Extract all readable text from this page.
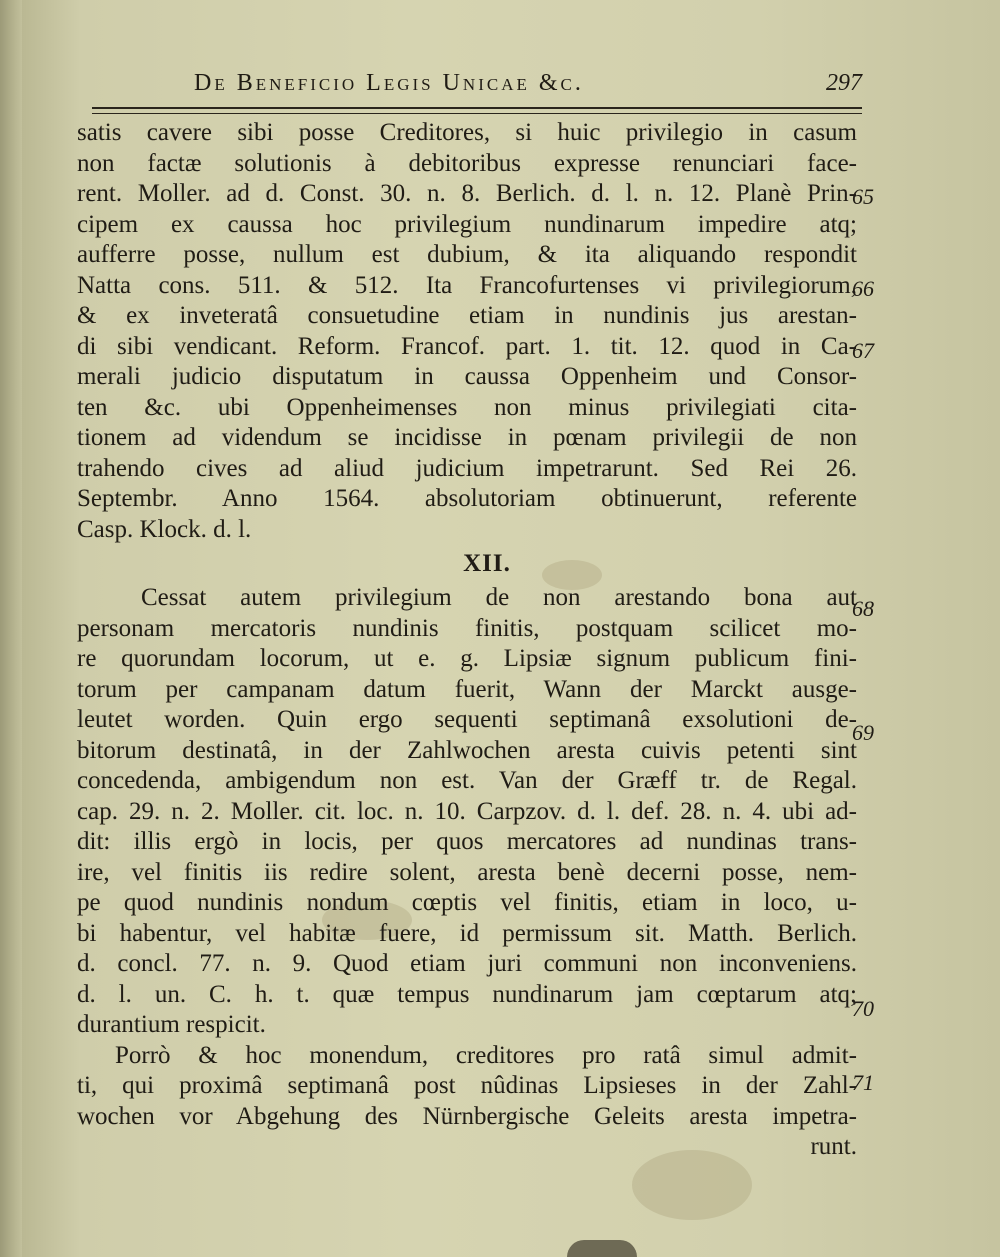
De Beneficio Legis Unicae &c.	297
satis cavere sibi posse Creditores, si huic privilegio in casum
non factæ solutionis à debitoribus expresse renunciari face-
rent. Moller. ad d. Const. 30. n. 8. Berlich. d. l. n. 12. Planè Prin-
cipem ex caussa hoc privilegium nundinarum impedire atq;
aufferre posse, nullum est dubium, & ita aliquando respondit
Natta cons. 511. & 512. Ita Francofurtenses vi privilegiorum,
& ex inveteratâ consuetudine etiam in nundinis jus arestan-
di sibi vendicant. Reform. Francof. part. 1. tit. 12. quod in Ca-
merali judicio disputatum in caussa Oppenheim und Consor-
ten &c. ubi Oppenheimenses non minus privilegiati cita-
tionem ad videndum se incidisse in pœnam privilegii de non
trahendo cives ad aliud judicium impetrarunt. Sed Rei 26.
Septembr. Anno 1564. absolutoriam obtinuerunt, referente
Casp. Klock. d. l.
XII.
Cessat autem privilegium de non arestando bona aut
personam mercatoris nundinis finitis, postquam scilicet mo-
re quorundam locorum, ut e. g. Lipsiæ signum publicum fini-
torum per campanam datum fuerit, Wann der Marckt ausge-
leutet worden. Quin ergo sequenti septimanâ exsolutioni de-
bitorum destinatâ, in der Zahlwochen aresta cuivis petenti sint
concedenda, ambigendum non est. Van der Græff tr. de Regal.
cap. 29. n. 2. Moller. cit. loc. n. 10. Carpzov. d. l. def. 28. n. 4. ubi ad-
dit: illis ergò in locis, per quos mercatores ad nundinas trans-
ire, vel finitis iis redire solent, aresta benè decerni posse, nem-
pe quod nundinis nondum cœptis vel finitis, etiam in loco, u-
bi habentur, vel habitæ fuere, id permissum sit. Matth. Berlich.
d. concl. 77. n. 9. Quod etiam juri communi non inconveniens.
d. l. un. C. h. t. quæ tempus nundinarum jam cœptarum atq;
durantium respicit.
Porrò & hoc monendum, creditores pro ratâ simul admit-
ti, qui proximâ septimanâ post nûdinas Lipsieses in der Zahl-
wochen vor Abgehung des Nürnbergische Geleits aresta impetra-
runt.
65
66
67
68
69
70
71
